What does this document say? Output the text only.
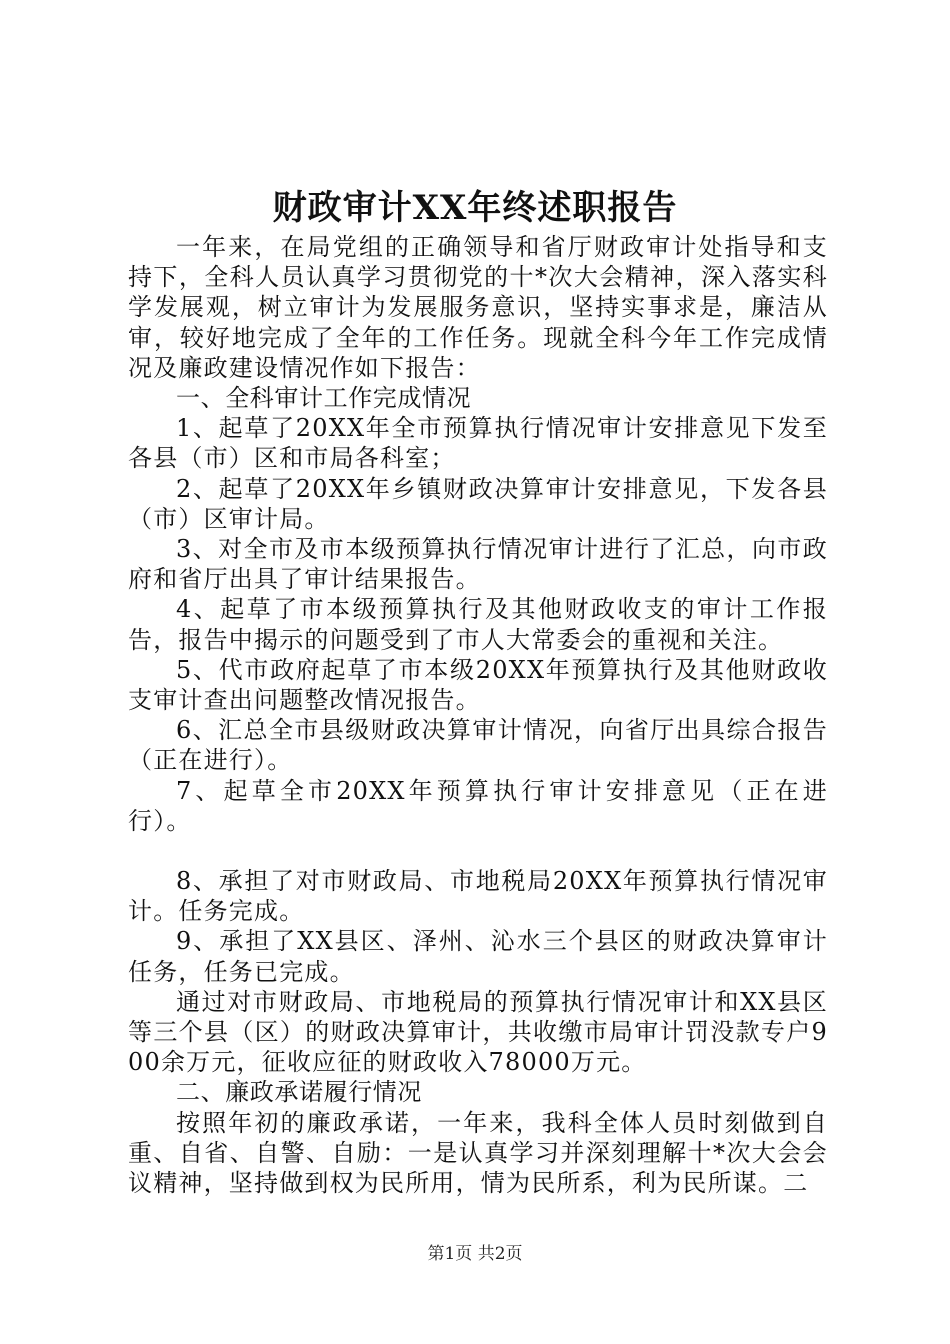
财政审计XX年终述职报告

一年来，在局党组的正确领导和省厅财政审计处指导和支持下，全科人员认真学习贯彻党的十*次大会精神，深入落实科学发展观，树立审计为发展服务意识，坚持实事求是，廉洁从审，较好地完成了全年的工作任务。现就全科今年工作完成情况及廉政建设情况作如下报告：

一、全科审计工作完成情况

1、起草了20XX年全市预算执行情况审计安排意见下发至各县（市）区和市局各科室；

2、起草了20XX年乡镇财政决算审计安排意见，下发各县（市）区审计局。

3、对全市及市本级预算执行情况审计进行了汇总，向市政府和省厅出具了审计结果报告。

4、起草了市本级预算执行及其他财政收支的审计工作报告，报告中揭示的问题受到了市人大常委会的重视和关注。

5、代市政府起草了市本级20XX年预算执行及其他财政收支审计查出问题整改情况报告。

6、汇总全市县级财政决算审计情况，向省厅出具综合报告（正在进行）。

7、起草全市20XX年预算执行审计安排意见（正在进行）。

8、承担了对市财政局、市地税局20XX年预算执行情况审计。任务完成。

9、承担了XX县区、泽州、沁水三个县区的财政决算审计任务，任务已完成。

通过对市财政局、市地税局的预算执行情况审计和XX县区等三个县（区）的财政决算审计，共收缴市局审计罚没款专户900余万元，征收应征的财政收入78000万元。

二、廉政承诺履行情况

按照年初的廉政承诺，一年来，我科全体人员时刻做到自重、自省、自警、自励：一是认真学习并深刻理解十*次大会会议精神，坚持做到权为民所用，情为民所系，利为民所谋。二

第1页 共2页
